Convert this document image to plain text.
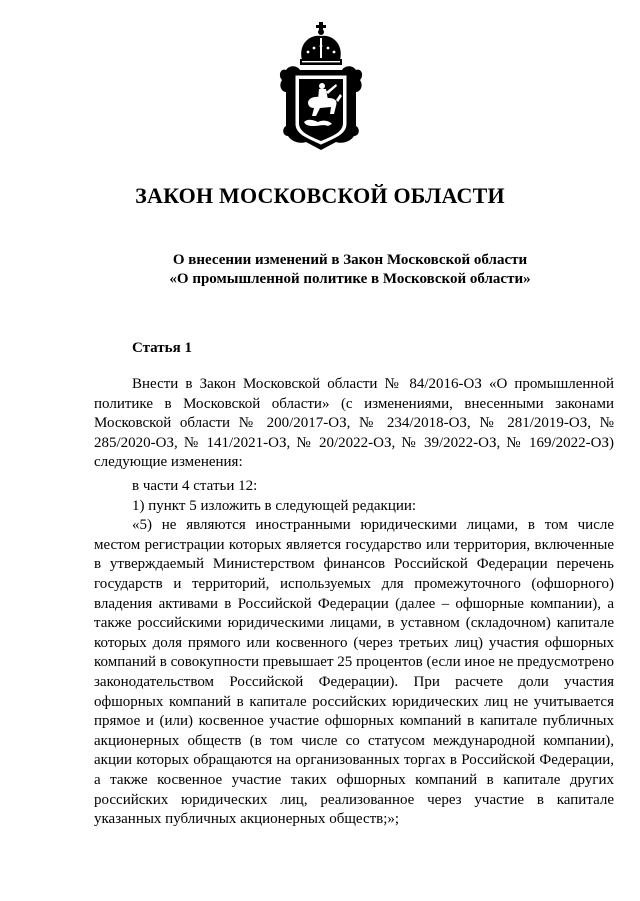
ЗАКОН МОСКОВСКОЙ ОБЛАСТИ
О внесении изменений в Закон Московской области
«О промышленной политике в Московской области»
Статья 1

Внести в Закон Московской области № 84/2016-ОЗ «О промышленной политике в Московской области» (с изменениями, внесенными законами Московской области № 200/2017-ОЗ, № 234/2018-ОЗ, № 281/2019-ОЗ, № 285/2020-ОЗ, № 141/2021-ОЗ, № 20/2022-ОЗ, № 39/2022-ОЗ, № 169/2022-ОЗ) следующие изменения:

в части 4 статьи 12:

1) пункт 5 изложить в следующей редакции:

«5) не являются иностранными юридическими лицами, в том числе местом регистрации которых является государство или территория, включенные в утверждаемый Министерством финансов Российской Федерации перечень государств и территорий, используемых для промежуточного (офшорного) владения активами в Российской Федерации (далее – офшорные компании), а также российскими юридическими лицами, в уставном (складочном) капитале которых доля прямого или косвенного (через третьих лиц) участия офшорных компаний в совокупности превышает 25 процентов (если иное не предусмотрено законодательством Российской Федерации). При расчете доли участия офшорных компаний в капитале российских юридических лиц не учитывается прямое и (или) косвенное участие офшорных компаний в капитале публичных акционерных обществ (в том числе со статусом международной компании), акции которых обращаются на организованных торгах в Российской Федерации, а также косвенное участие таких офшорных компаний в капитале других российских юридических лиц, реализованное через участие в капитале указанных публичных акционерных обществ;»;
